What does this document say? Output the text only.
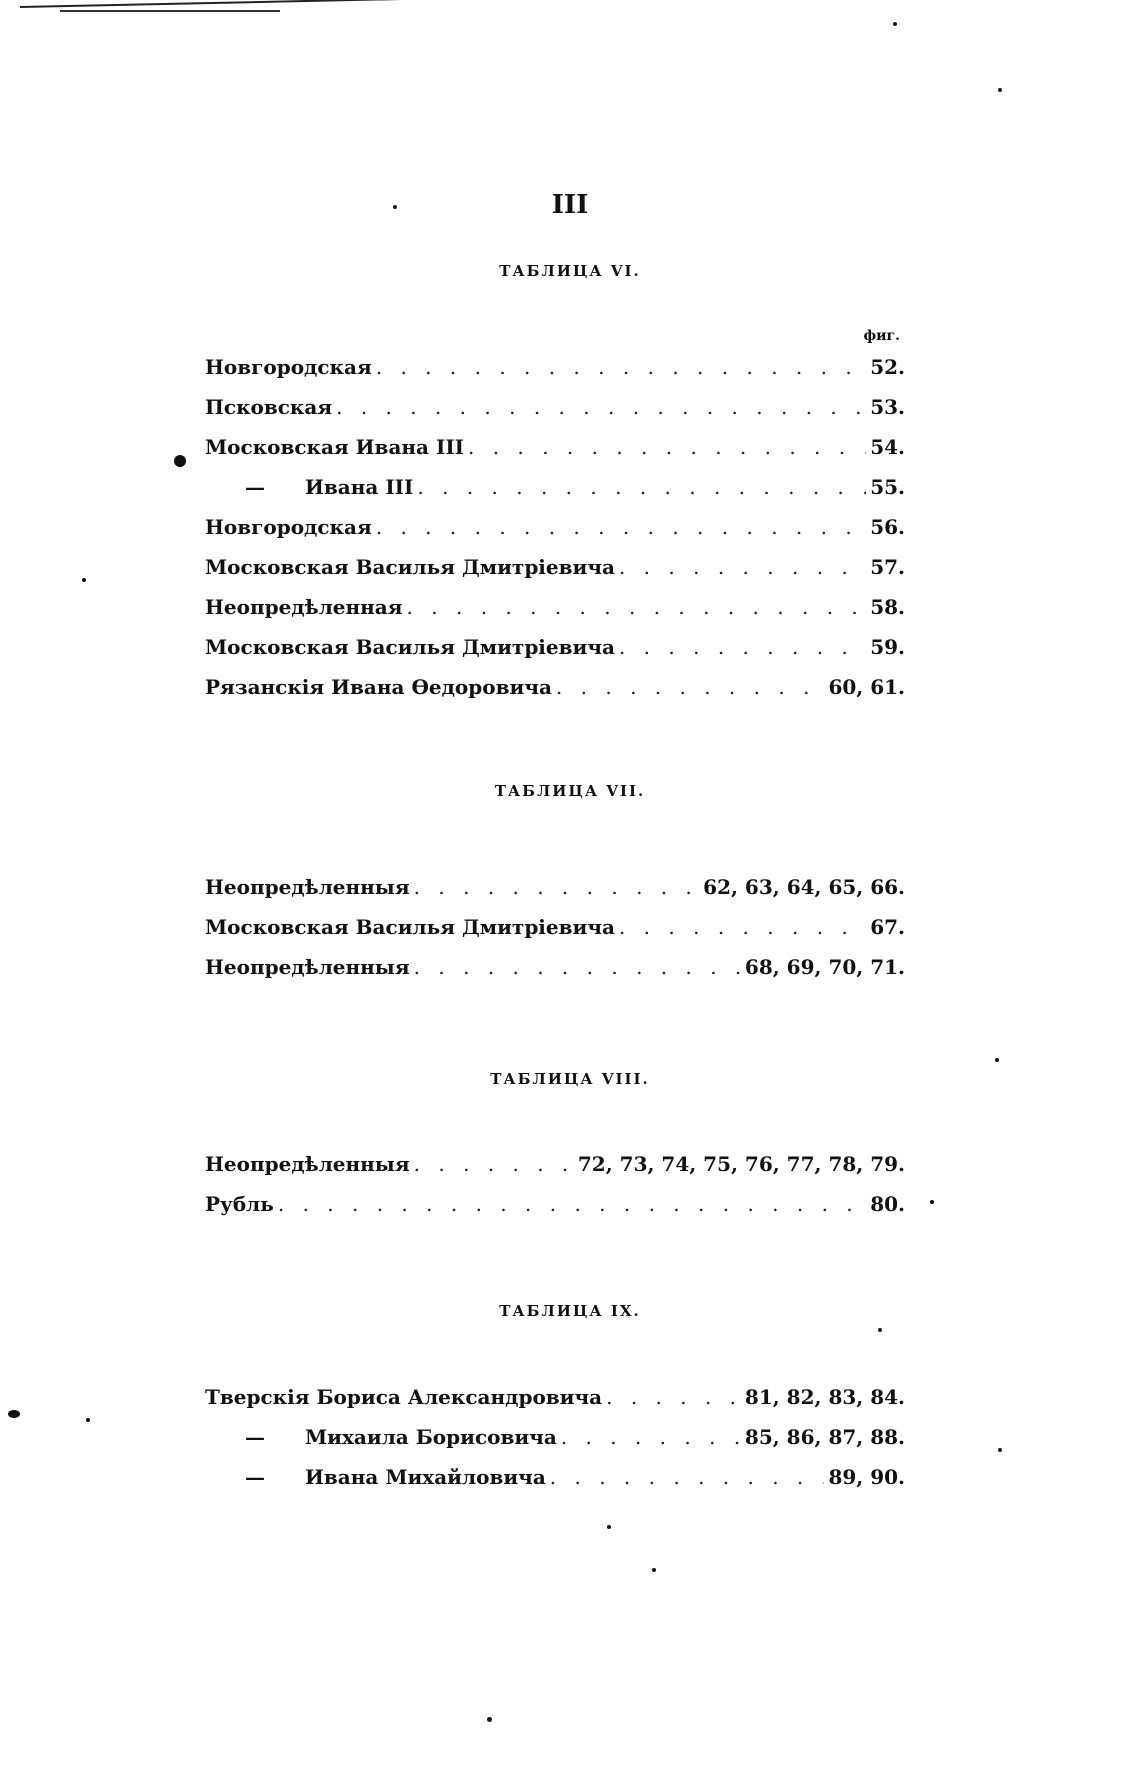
III
ТАБЛИЦА VI.
фиг.
Новгородская . . .	52.
Псковская . . .	53.
Московская Ивана III . . .	54.
— Ивана III . . .	55.
Новгородская . . .	56.
Московская Василья Дмитріевича . . .	57.
Неопредѣленная . . .	58.
Московская Василья Дмитріевича . . .	59.
Рязанскія Ивана Өедоровича . . .	60, 61.
ТАБЛИЦА VII.
Неопредѣленныя . . .	62, 63, 64, 65, 66.
Московская Василья Дмитріевича . . .	67.
Неопредѣленныя . . .	68, 69, 70, 71.
ТАБЛИЦА VIII.
Неопредѣленныя . . .	72, 73, 74, 75, 76, 77, 78, 79.
Рубль . . .	80.
ТАБЛИЦА IX.
Тверскія Бориса Александровича . . .	81, 82, 83, 84.
— Михаила Борисовича . . .	85, 86, 87, 88.
— Ивана Михайловича . . .	89, 90.
